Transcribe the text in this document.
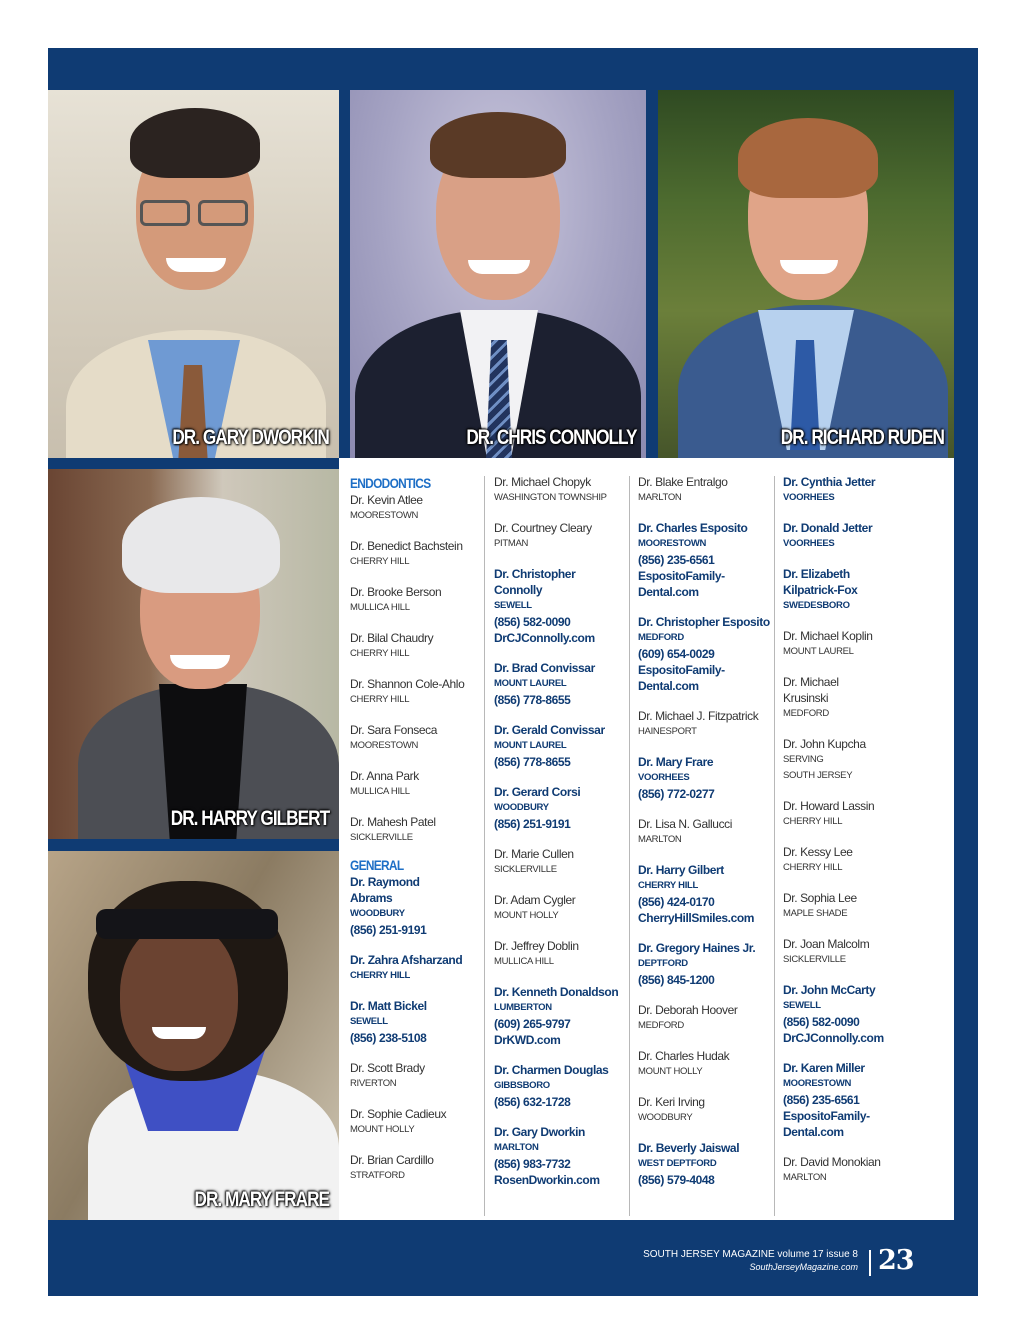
DR. GARY DWORKIN	DR. CHRIS CONNOLLY	DR. RICHARD RUDEN
DR. HARRY GILBERT
DR. MARY FRARE
ENDODONTICS
Dr. Kevin Atlee
MOORESTOWN
Dr. Benedict Bachstein
CHERRY HILL
Dr. Brooke Berson
MULLICA HILL
Dr. Bilal Chaudry
CHERRY HILL
Dr. Shannon Cole-Ahlo
CHERRY HILL
Dr. Sara Fonseca
MOORESTOWN
Dr. Anna Park
MULLICA HILL
Dr. Mahesh Patel
SICKLERVILLE
GENERAL
Dr. Raymond
Abrams
WOODBURY
(856) 251-9191
Dr. Zahra Afsharzand
CHERRY HILL
Dr. Matt Bickel
SEWELL
(856) 238-5108
Dr. Scott Brady
RIVERTON
Dr. Sophie Cadieux
MOUNT HOLLY
Dr. Brian Cardillo
STRATFORD
Dr. Michael Chopyk
WASHINGTON TOWNSHIP
Dr. Courtney Cleary
PITMAN
Dr. Christopher
Connolly
SEWELL
(856) 582-0090
DrCJConnolly.com
Dr. Brad Convissar
MOUNT LAUREL
(856) 778-8655
Dr. Gerald Convissar
MOUNT LAUREL
(856) 778-8655
Dr. Gerard Corsi
WOODBURY
(856) 251-9191
Dr. Marie Cullen
SICKLERVILLE
Dr. Adam Cygler
MOUNT HOLLY
Dr. Jeffrey Doblin
MULLICA HILL
Dr. Kenneth Donaldson
LUMBERTON
(609) 265-9797
DrKWD.com
Dr. Charmen Douglas
GIBBSBORO
(856) 632-1728
Dr. Gary Dworkin
MARLTON
(856) 983-7732
RosenDworkin.com
Dr. Blake Entralgo
MARLTON
Dr. Charles Esposito
MOORESTOWN
(856) 235-6561
EspositoFamily-
Dental.com
Dr. Christopher Esposito
MEDFORD
(609) 654-0029
EspositoFamily-
Dental.com
Dr. Michael J. Fitzpatrick
HAINESPORT
Dr. Mary Frare
VOORHEES
(856) 772-0277
Dr. Lisa N. Gallucci
MARLTON
Dr. Harry Gilbert
CHERRY HILL
(856) 424-0170
CherryHillSmiles.com
Dr. Gregory Haines Jr.
DEPTFORD
(856) 845-1200
Dr. Deborah Hoover
MEDFORD
Dr. Charles Hudak
MOUNT HOLLY
Dr. Keri Irving
WOODBURY
Dr. Beverly Jaiswal
WEST DEPTFORD
(856) 579-4048
Dr. Cynthia Jetter
VOORHEES
Dr. Donald Jetter
VOORHEES
Dr. Elizabeth
Kilpatrick-Fox
SWEDESBORO
Dr. Michael Koplin
MOUNT LAUREL
Dr. Michael
Krusinski
MEDFORD
Dr. John Kupcha
SERVING
SOUTH JERSEY
Dr. Howard Lassin
CHERRY HILL
Dr. Kessy Lee
CHERRY HILL
Dr. Sophia Lee
MAPLE SHADE
Dr. Joan Malcolm
SICKLERVILLE
Dr. John McCarty
SEWELL
(856) 582-0090
DrCJConnolly.com
Dr. Karen Miller
MOORESTOWN
(856) 235-6561
EspositoFamily-
Dental.com
Dr. David Monokian
MARLTON
SOUTH JERSEY MAGAZINE volume 17 issue 8
SouthJerseyMagazine.com 23
